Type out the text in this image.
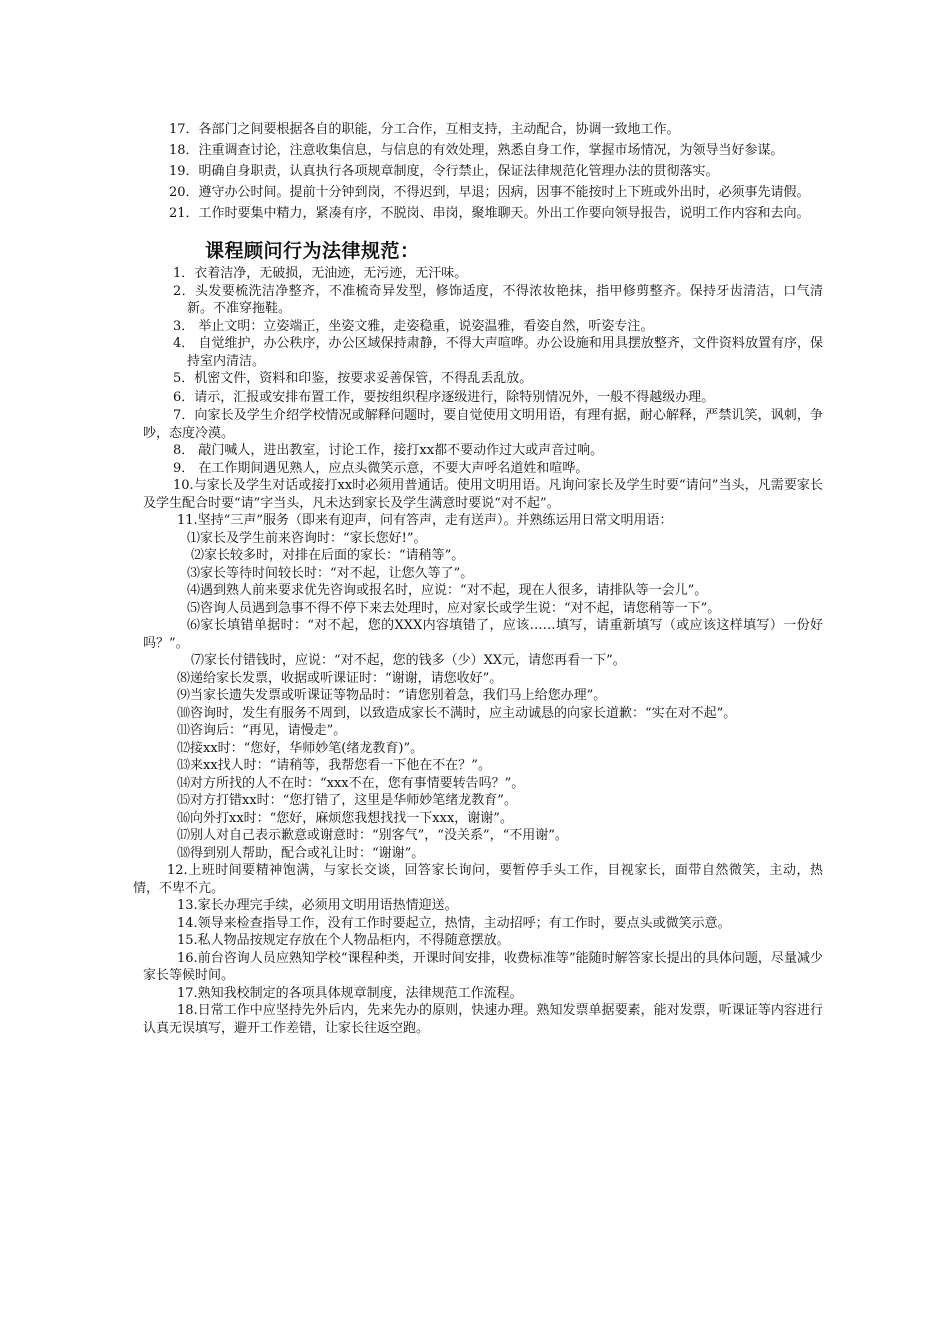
17．各部门之间要根据各自的职能，分工合作，互相支持，主动配合，协调一致地工作。

18．注重调查讨论，注意收集信息，与信息的有效处理，熟悉自身工作，掌握市场情况，为领导当好参谋。

19．明确自身职责，认真执行各项规章制度，令行禁止，保证法律规范化管理办法的贯彻落实。

20．遵守办公时间。提前十分钟到岗，不得迟到，早退；因病，因事不能按时上下班或外出时，必须事先请假。

21．工作时要集中精力，紧凑有序，不脱岗、串岗，聚堆聊天。外出工作要向领导报告，说明工作内容和去向。

课程顾问行为法律规范：

1．衣着洁净，无破损，无油迹，无污迹，无汗味。

2．头发要梳洗洁净整齐，不准梳奇异发型，修饰适度，不得浓妆艳抹，指甲修剪整齐。保持牙齿清洁，口气清新。不准穿拖鞋。

3． 举止文明：立姿端正，坐姿文雅，走姿稳重，说姿温雅，看姿自然，听姿专注。

4． 自觉维护，办公秩序，办公区域保持肃静，不得大声喧哗。办公设施和用具摆放整齐，文件资料放置有序，保持室内清洁。

5．机密文件，资料和印鉴，按要求妥善保管，不得乱丢乱放。

6．请示，汇报或安排布置工作，要按组织程序逐级进行，除特别情况外，一般不得越级办理。

7．向家长及学生介绍学校情况或解释问题时，要自觉使用文明用语，有理有据，耐心解释，严禁讥笑，讽刺，争吵，态度冷漠。

8． 敲门喊人，进出教室，讨论工作，接打xx都不要动作过大或声音过响。

9． 在工作期间遇见熟人，应点头微笑示意，不要大声呼名道姓和喧哗。

10.与家长及学生对话或接打xx时必须用普通话。使用文明用语。凡询问家长及学生时要“请问”当头，凡需要家长及学生配合时要“请”字当头，凡未达到家长及学生满意时要说“对不起”。

11.坚持“三声”服务（即来有迎声，问有答声，走有送声）。并熟练运用日常文明用语：

⑴家长及学生前来咨询时：“家长您好!”。

⑵家长较多时，对排在后面的家长：“请稍等”。

⑶家长等待时间较长时：“对不起，让您久等了”。

⑷遇到熟人前来要求优先咨询或报名时，应说：“对不起，现在人很多，请排队等一会儿”。

⑸咨询人员遇到急事不得不停下来去处理时，应对家长或学生说：“对不起，请您稍等一下”。

⑹家长填错单据时：“对不起，您的XXX内容填错了，应该……填写，请重新填写（或应该这样填写）一份好吗？”。

⑺家长付错钱时，应说：“对不起，您的钱多（少）XX元，请您再看一下”。

⑻递给家长发票，收据或听课证时：“谢谢，请您收好”。

⑼当家长遗失发票或听课证等物品时：“请您别着急，我们马上给您办理”。

⑽咨询时，发生有服务不周到，以致造成家长不满时，应主动诚恳的向家长道歉：“实在对不起”。

⑾咨询后：“再见，请慢走”。

⑿接xx时：“您好，华师妙笔(绪龙教育)”。

⒀来xx找人时：“请稍等，我帮您看一下他在不在？”。

⒁对方所找的人不在时：“xxx不在，您有事情要转告吗？”。

⒂对方打错xx时：“您打错了，这里是华师妙笔绪龙教育”。

⒃向外打xx时：“您好，麻烦您我想找找一下xxx，谢谢”。

⒄别人对自己表示歉意或谢意时：“别客气”，“没关系”，“不用谢”。

⒅得到别人帮助，配合或礼让时：“谢谢”。

12.上班时间要精神饱满，与家长交谈，回答家长询问，要暂停手头工作，目视家长，面带自然微笑，主动，热情，不卑不亢。

13.家长办理完手续，必须用文明用语热情迎送。

14.领导来检查指导工作，没有工作时要起立，热情，主动招呼；有工作时，要点头或微笑示意。

15.私人物品按规定存放在个人物品柜内，不得随意摆放。

16.前台咨询人员应熟知学校“课程种类，开课时间安排，收费标准等”能随时解答家长提出的具体问题，尽量减少家长等候时间。

17.熟知我校制定的各项具体规章制度，法律规范工作流程。

18.日常工作中应坚持先外后内，先来先办的原则，快速办理。熟知发票单据要素，能对发票，听课证等内容进行认真无误填写，避开工作差错，让家长往返空跑。
